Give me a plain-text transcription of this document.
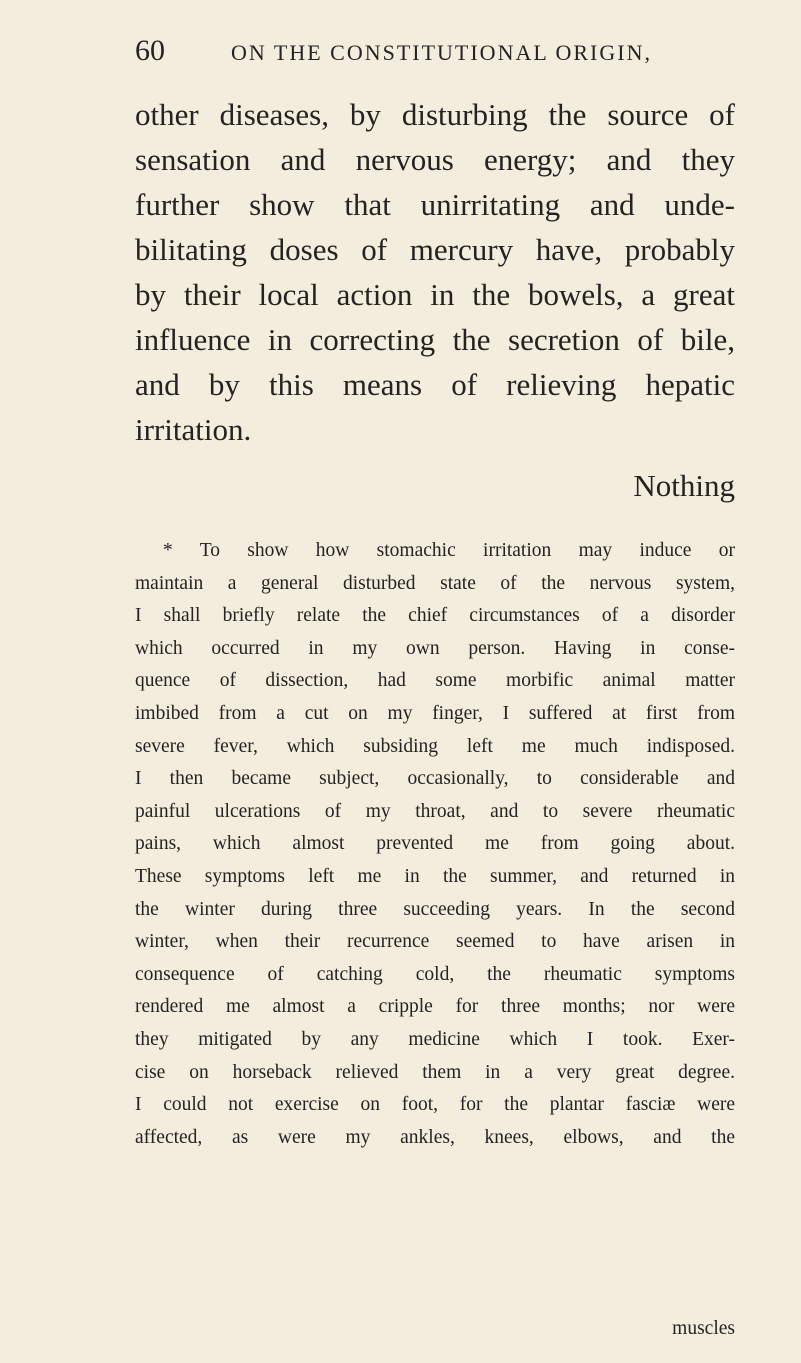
60	ON THE CONSTITUTIONAL ORIGIN,
other diseases, by disturbing the source of
sensation and nervous energy; and they
further show that unirritating and unde-
bilitating doses of mercury have, probably
by their local action in the bowels, a great
influence in correcting the secretion of bile,
and by this means of relieving hepatic
irritation.
Nothing
* To show how stomachic irritation may induce or
maintain a general disturbed state of the nervous system,
I shall briefly relate the chief circumstances of a disorder
which occurred in my own person. Having in conse-
quence of dissection, had some morbific animal matter
imbibed from a cut on my finger, I suffered at first from
severe fever, which subsiding left me much indisposed.
I then became subject, occasionally, to considerable and
painful ulcerations of my throat, and to severe rheumatic
pains, which almost prevented me from going about.
These symptoms left me in the summer, and returned in
the winter during three succeeding years. In the second
winter, when their recurrence seemed to have arisen in
consequence of catching cold, the rheumatic symptoms
rendered me almost a cripple for three months; nor were
they mitigated by any medicine which I took. Exer-
cise on horseback relieved them in a very great degree.
I could not exercise on foot, for the plantar fasciæ were
affected, as were my ankles, knees, elbows, and the
muscles
